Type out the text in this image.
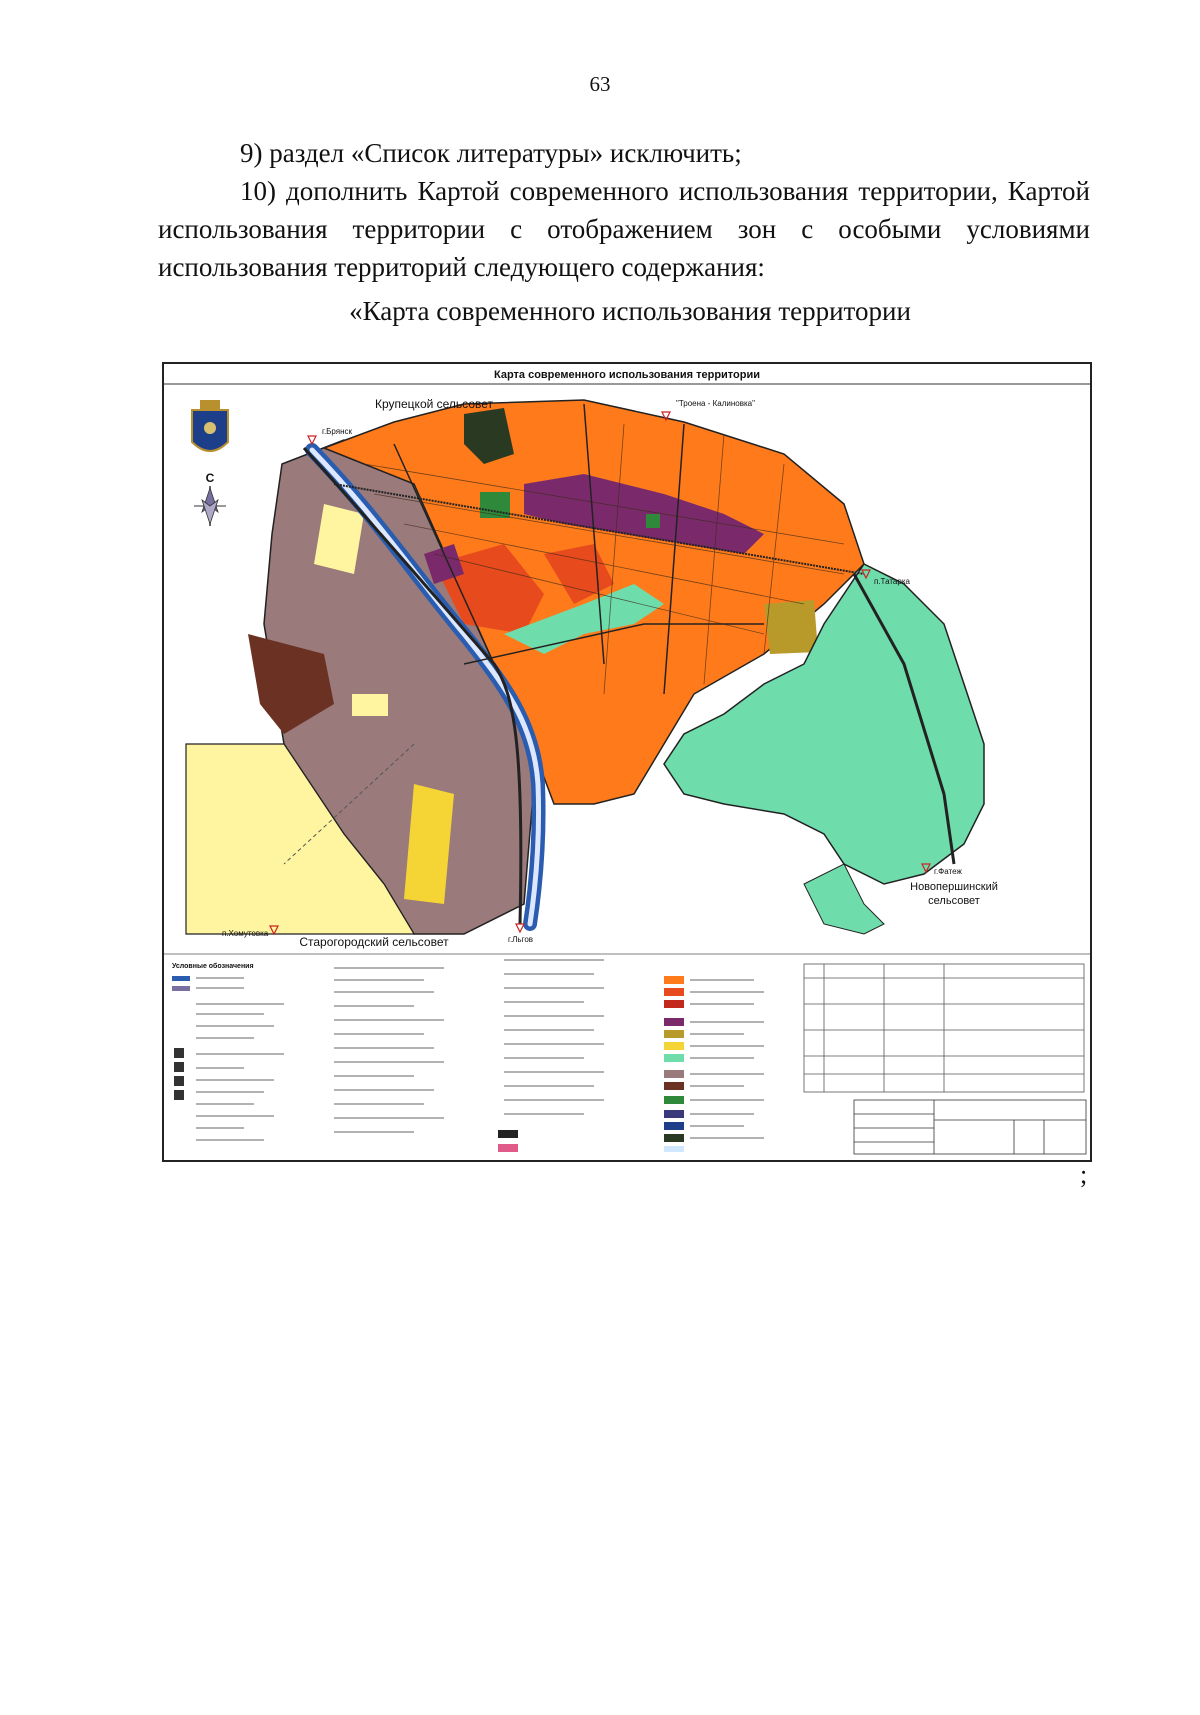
63

9) раздел «Список литературы» исключить;

10) дополнить Картой современного использования территории, Картой использования территории с отображением зон с особыми условиями использования территорий следующего содержания:

«Карта современного использования территории
Карта современного использования территории
С
Крупецкой сельсовет
Старогородский сельсовет
Новопершинский
сельсовет
г.Брянск
"Троена - Калиновка"
п.Татарка
г.Фатеж
г.Льгов
п.Хомутовка
Условные обозначения
;
